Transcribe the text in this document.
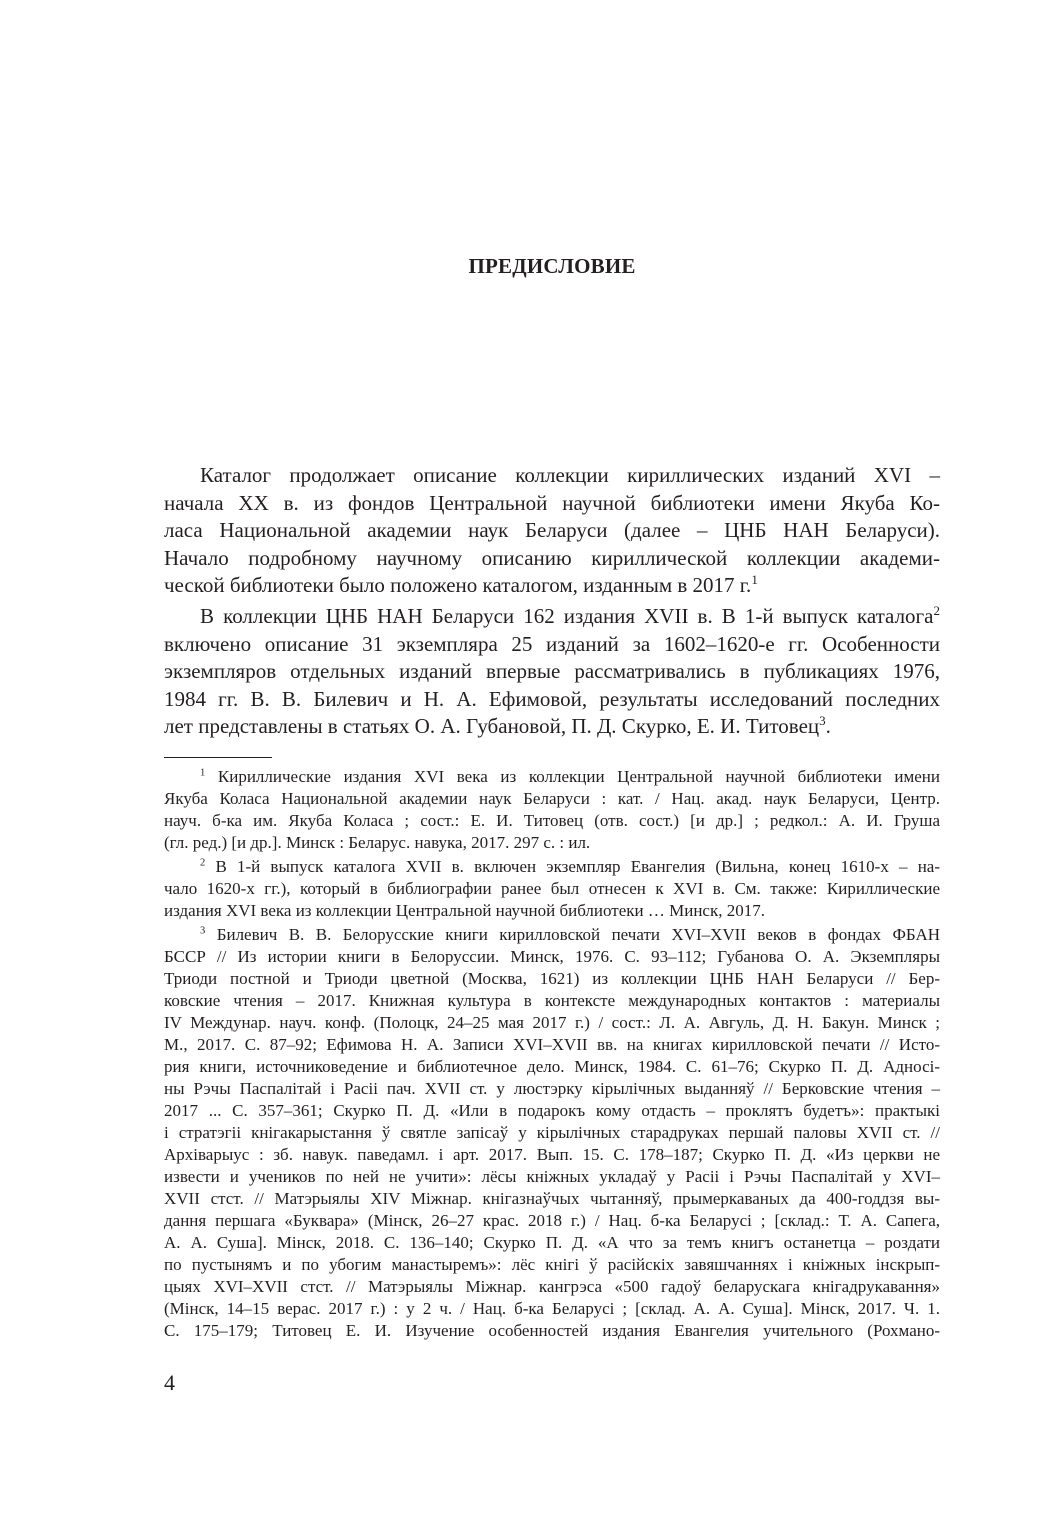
ПРЕДИСЛОВИЕ
Каталог продолжает описание коллекции кириллических изданий XVI –
начала XX в. из фондов Центральной научной библиотеки имени Якуба Ко-
ласа Национальной академии наук Беларуси (далее – ЦНБ НАН Беларуси).
Начало подробному научному описанию кириллической коллекции академи-
ческой библиотеки было положено каталогом, изданным в 2017 г.$^1$
В коллекции ЦНБ НАН Беларуси 162 издания XVII в. В 1-й выпуск каталога$^2$
включено описание 31 экземпляра 25 изданий за 1602–1620-е гг. Особенности
экземпляров отдельных изданий впервые рассматривались в публикациях 1976,
1984 гг. В. В. Билевич и Н. А. Ефимовой, результаты исследований последних
лет представлены в статьях О. А. Губановой, П. Д. Скурко, Е. И. Титовец$^3$.
$^1$ Кириллические издания XVI века из коллекции Центральной научной библиотеки имени
Якуба Коласа Национальной академии наук Беларуси : кат. / Нац. акад. наук Беларуси, Центр.
науч. б-ка им. Якуба Коласа ; сост.: Е. И. Титовец (отв. сост.) [и др.] ; редкол.: А. И. Груша
(гл. ред.) [и др.]. Минск : Беларус. навука, 2017. 297 с. : ил.
$^2$ В 1-й выпуск каталога XVII в. включен экземпляр Евангелия (Вильна, конец 1610-х – на-
чало 1620-х гг.), который в библиографии ранее был отнесен к XVI в. См. также: Кириллические
издания XVI века из коллекции Центральной научной библиотеки … Минск, 2017.
$^3$ Билевич В. В. Белорусские книги кирилловской печати XVI–XVII веков в фондах ФБАН
БССР // Из истории книги в Белоруссии. Минск, 1976. С. 93–112; Губанова О. А. Экземпляры
Триоди постной и Триоди цветной (Москва, 1621) из коллекции ЦНБ НАН Беларуси // Бер-
ковские чтения – 2017. Книжная культура в контексте международных контактов : материалы
IV Междунар. науч. конф. (Полоцк, 24–25 мая 2017 г.) / сост.: Л. А. Авгуль, Д. Н. Бакун. Минск ;
М., 2017. С. 87–92; Ефимова Н. А. Записи XVI–XVII вв. на книгах кирилловской печати // Исто-
рия книги, источниковедение и библиотечное дело. Минск, 1984. С. 61–76; Скурко П. Д. Адносі-
ны Рэчы Паспалітай і Расіі пач. XVII ст. у люстэрку кірылічных выданняў // Берковские чтения –
2017 ... С. 357–361; Скурко П. Д. «Или в подарокъ кому отдасть – проклятъ будетъ»: практыкі
і стратэгіі кнігакарыстання ў святле запісаў у кірылічных старадруках першай паловы XVII ст. //
Архіварыус : зб. навук. паведамл. і арт. 2017. Вып. 15. С. 178–187; Скурко П. Д. «Из церкви не
извести и учеников по ней не учити»: лёсы кніжных укладаў у Расіі і Рэчы Паспалітай у XVI–
XVII стст. // Матэрыялы XIV Міжнар. кнігазнаўчых чытанняў, прымеркаваных да 400-годдзя вы-
дання першага «Буквара» (Мінск, 26–27 крас. 2018 г.) / Нац. б-ка Беларусі ; [склад.: Т. А. Сапега,
А. А. Суша]. Мінск, 2018. С. 136–140; Скурко П. Д. «А что за темъ книгъ останетца – роздати
по пустынямъ и по убогим манастыремъ»: лёс кнігі ў расійскіх завяшчаннях і кніжных інскрып-
цыях XVI–XVII стст. // Матэрыялы Міжнар. кангрэса «500 гадоў беларускага кнігадрукавання»
(Мінск, 14–15 верас. 2017 г.) : у 2 ч. / Нац. б-ка Беларусі ; [склад. А. А. Суша]. Мінск, 2017. Ч. 1.
С. 175–179; Титовец Е. И. Изучение особенностей издания Евангелия учительного (Рохмано-
4
